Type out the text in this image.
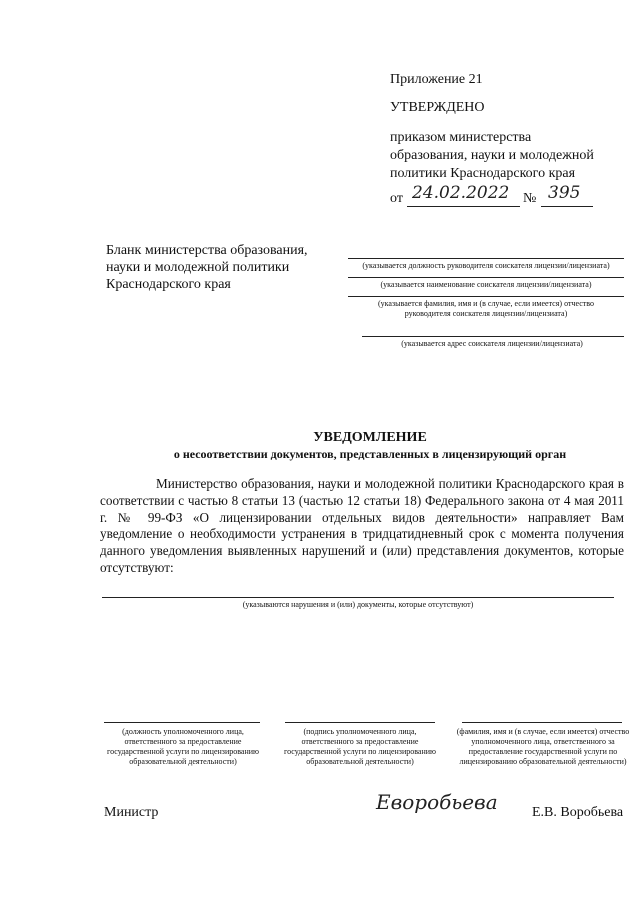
Приложение 21
УТВЕРЖДЕНО
приказом министерства
образования, науки и молодежной
политики Краснодарского края
от 24.02.2022 № 395
Бланк министерства образования,
науки и молодежной политики
Краснодарского края
(указывается должность руководителя соискателя лицензии/лицензиата)
(указывается наименование соискателя лицензии/лицензиата)
(указывается фамилия, имя и (в случае, если имеется) отчество
руководителя соискателя лицензии/лицензиата)
(указывается адрес соискателя лицензии/лицензиата)
УВЕДОМЛЕНИЕ
о несоответствии документов, представленных в лицензирующий орган
Министерство образования, науки и молодежной политики Краснодарского края в соответствии с частью 8 статьи 13 (частью 12 статьи 18) Федерального закона от 4 мая 2011 г. № 99-ФЗ «О лицензировании отдельных видов деятельности» направляет Вам уведомление о необходимости устранения в тридцатидневный срок с момента получения данного уведомления выявленных нарушений и (или) представления документов, которые отсутствуют:
(указываются нарушения и (или) документы, которые отсутствуют)
(должность уполномоченного лица, ответственного за предоставление государственной услуги по лицензированию образовательной деятельности)
(подпись уполномоченного лица, ответственного за предоставление государственной услуги по лицензированию образовательной деятельности)
(фамилия, имя и (в случае, если имеется) отчество уполномоченного лица, ответственного за предоставление государственной услуги по лицензированию образовательной деятельности)
Министр	Еворобьева Е.В. Воробьева
